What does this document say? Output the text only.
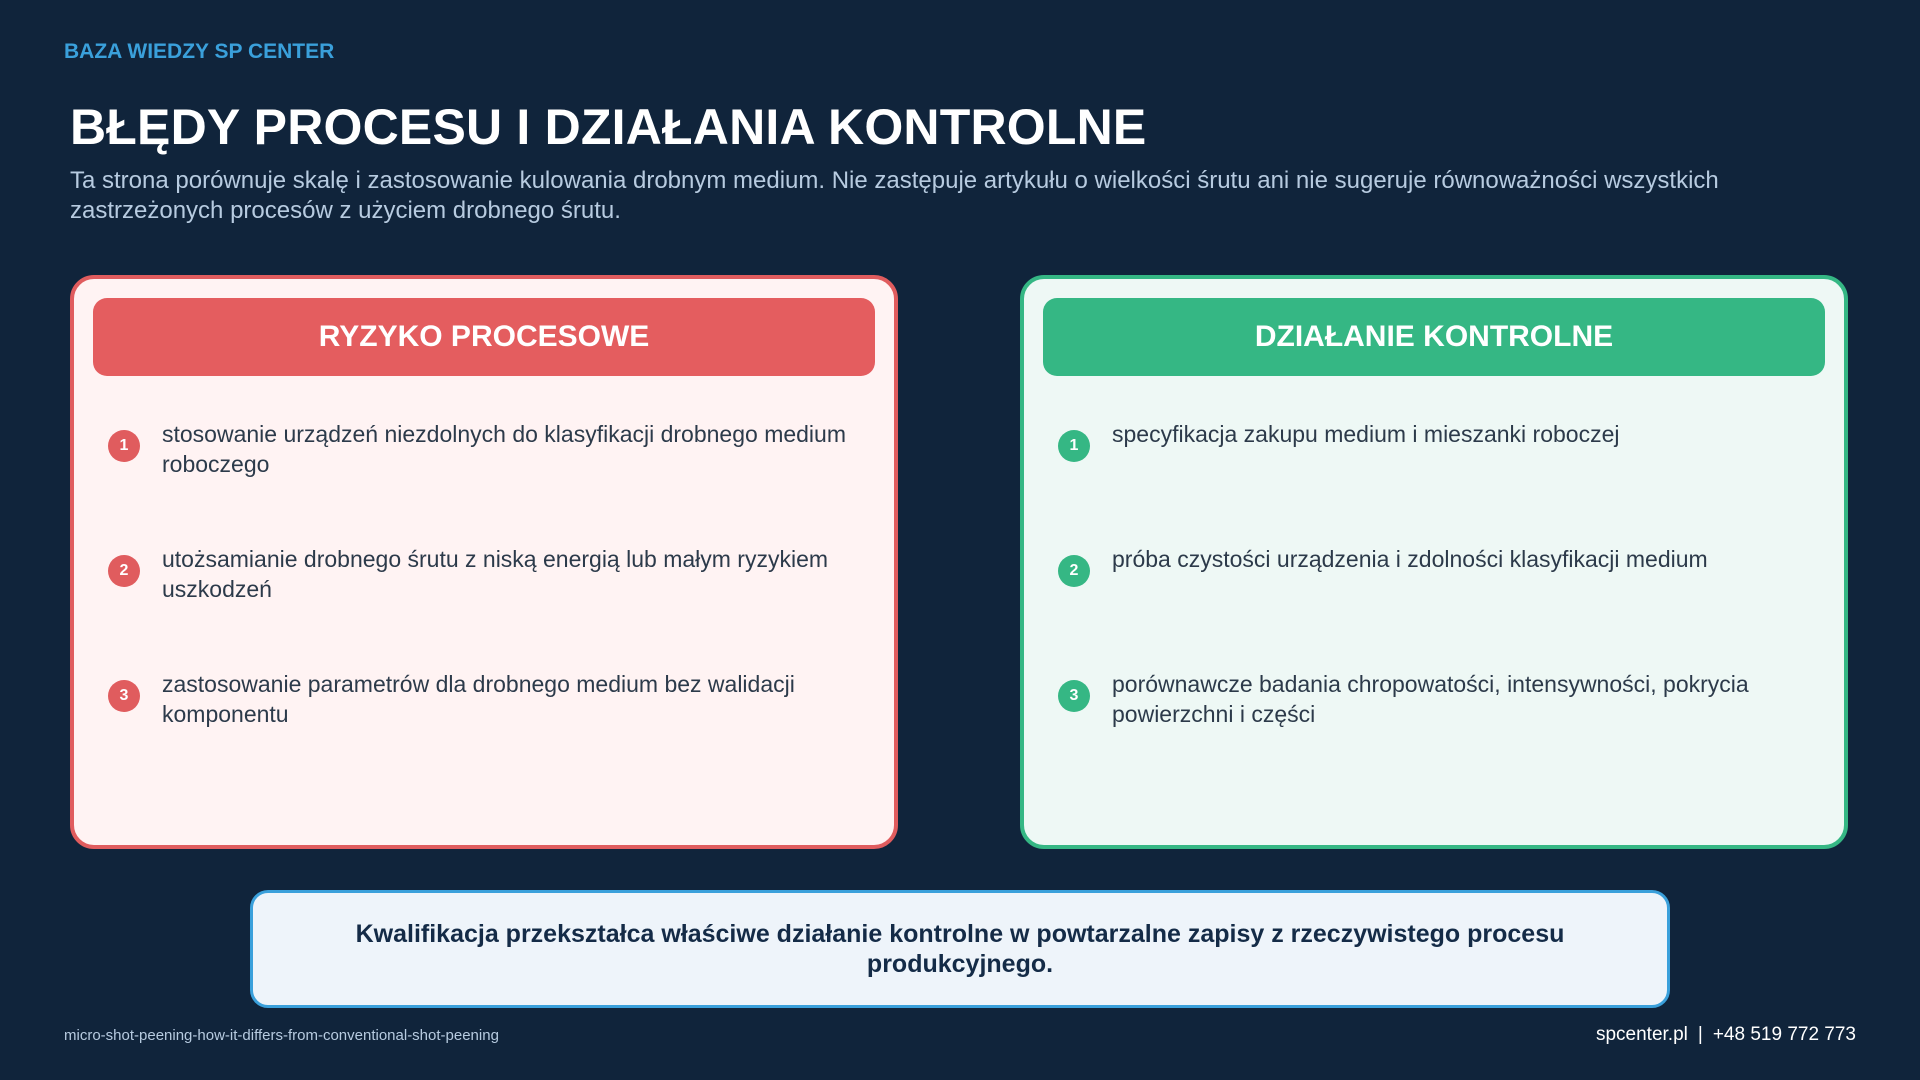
BAZA WIEDZY SP CENTER
BŁĘDY PROCESU I DZIAŁANIA KONTROLNE

Ta strona porównuje skalę i zastosowanie kulowania drobnym medium. Nie zastępuje artykułu o wielkości śrutu ani nie sugeruje równoważności wszystkich zastrzeżonych procesów z użyciem drobnego śrutu.

RYZYKO PROCESOWE
1	stosowanie urządzeń niezdolnych do klasyfikacji drobnego medium roboczego
2	utożsamianie drobnego śrutu z niską energią lub małym ryzykiem uszkodzeń
3	zastosowanie parametrów dla drobnego medium bez walidacji komponentu
DZIAŁANIE KONTROLNE
1	specyfikacja zakupu medium i mieszanki roboczej
2	próba czystości urządzenia i zdolności klasyfikacji medium
3	porównawcze badania chropowatości, intensywności, pokrycia powierzchni i części
Kwalifikacja przekształca właściwe działanie kontrolne w powtarzalne zapisy z rzeczywistego procesu produkcyjnego.
micro-shot-peening-how-it-differs-from-conventional-shot-peening	spcenter.pl | +48 519 772 773
